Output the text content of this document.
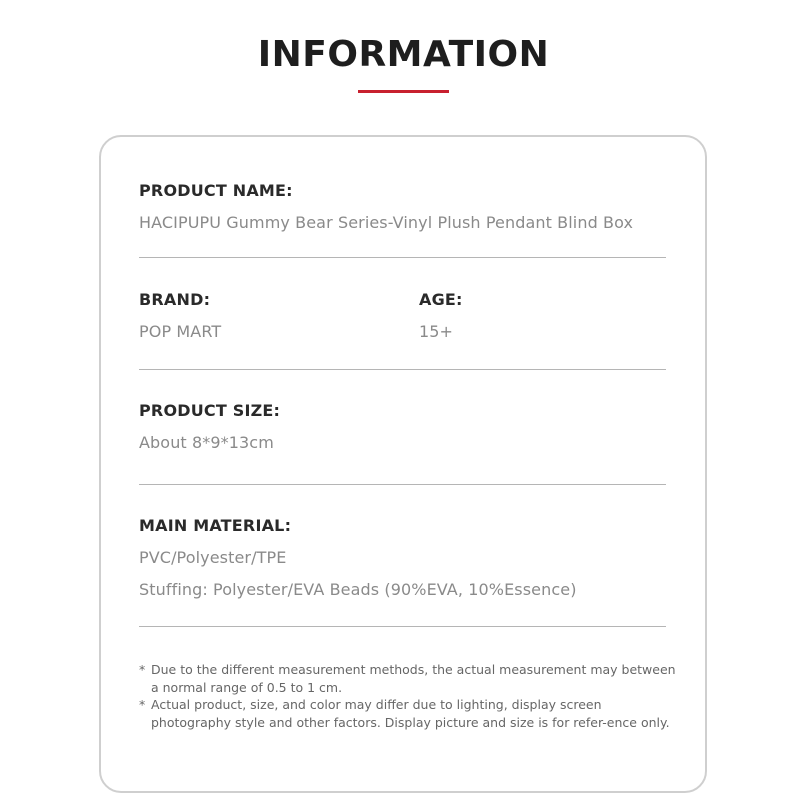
INFORMATION
PRODUCT NAME:
HACIPUPU Gummy Bear Series-Vinyl Plush Pendant Blind Box
BRAND:
POP MART
AGE:
15+
PRODUCT SIZE:
About 8*9*13cm
MAIN MATERIAL:
PVC/Polyester/TPE
Stuffing: Polyester/EVA Beads (90%EVA, 10%Essence)
* Due to the different measurement methods, the actual measurement may between a normal range of 0.5 to 1 cm.
* Actual product, size, and color may differ due to lighting, display screen photography style and other factors. Display picture and size is for refer-ence only.
